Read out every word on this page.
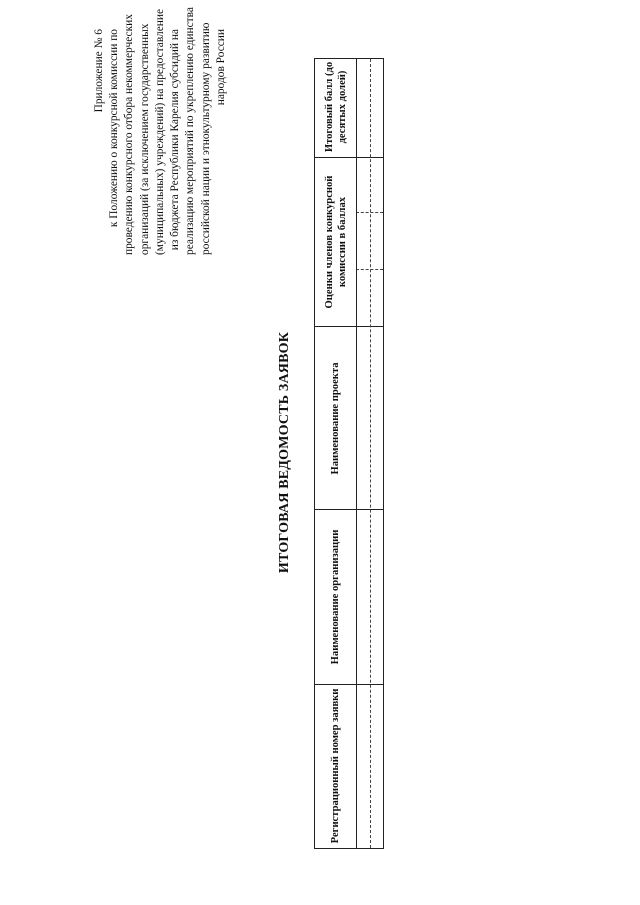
Приложение № 6 к Положению о конкурсной комиссии по проведению конкурсного отбора некоммерческих организаций (за исключением государственных (муниципальных) учреждений) на предоставление из бюджета Республики Карелия субсидий на реализацию мероприятий по укреплению единства российской нации и этнокультурному развитию народов России
ИТОГОВАЯ ВЕДОМОСТЬ ЗАЯВОК
Регистрационный номер заявки
Наименование организации
Наименование проекта
Оценки членов конкурсной комиссии в баллах
Итоговый балл (до десятых долей)
